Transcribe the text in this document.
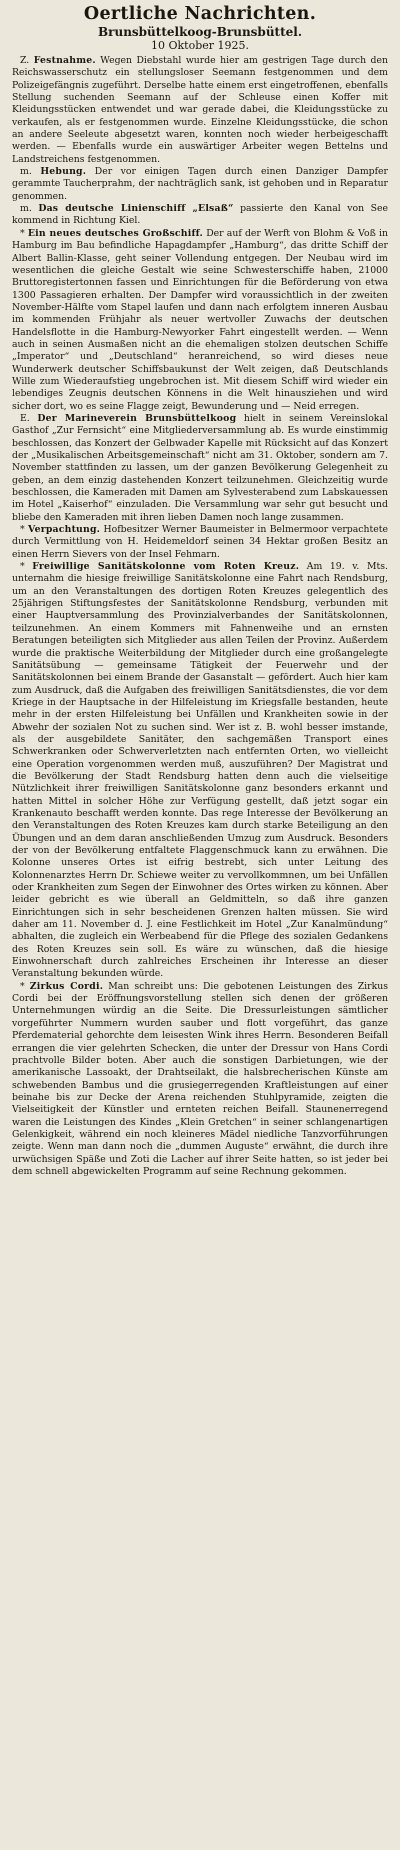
Oertliche Nachrichten.
Brunsbüttelkoog-Brunsbüttel.
10 Oktober 1925.

Z. Festnahme. Wegen Diebstahl wurde hier am gestrigen Tage durch den Reichswasserschutz ein stellungsloser Seemann festgenommen und dem Polizeigefängnis zugeführt. Derselbe hatte einem erst eingetroffenen, ebenfalls Stellung suchenden Seemann auf der Schleuse einen Koffer mit Kleidungsstücken entwendet und war gerade dabei, die Kleidungsstücke zu verkaufen, als er festgenommen wurde. Einzelne Kleidungsstücke, die schon an andere Seeleute abgesetzt waren, konnten noch wieder herbeigeschafft werden. — Ebenfalls wurde ein auswärtiger Arbeiter wegen Bettelns und Landstreichens festgenommen.

m. Hebung. Der vor einigen Tagen durch einen Danziger Dampfer gerammte Taucherprahm, der nachträglich sank, ist gehoben und in Reparatur genommen.

m. Das deutsche Linienschiff „Elsaß“ passierte den Kanal von See kommend in Richtung Kiel.

* Ein neues deutsches Großschiff. Der auf der Werft von Blohm & Voß in Hamburg im Bau befindliche Hapagdampfer „Hamburg“, das dritte Schiff der Albert Ballin-Klasse, geht seiner Vollendung entgegen. Der Neubau wird im wesentlichen die gleiche Gestalt wie seine Schwesterschiffe haben, 21000 Bruttoregistertonnen fassen und Einrichtungen für die Beförderung von etwa 1300 Passagieren erhalten. Der Dampfer wird voraussichtlich in der zweiten November-Hälfte vom Stapel laufen und dann nach erfolgtem inneren Ausbau im kommenden Frühjahr als neuer wertvoller Zuwachs der deutschen Handelsflotte in die Hamburg-Newyorker Fahrt eingestellt werden. — Wenn auch in seinen Ausmaßen nicht an die ehemaligen stolzen deutschen Schiffe „Imperator“ und „Deutschland“ heranreichend, so wird dieses neue Wunderwerk deutscher Schiffsbaukunst der Welt zeigen, daß Deutschlands Wille zum Wiederaufstieg ungebrochen ist. Mit diesem Schiff wird wieder ein lebendiges Zeugnis deutschen Könnens in die Welt hinausziehen und wird sicher dort, wo es seine Flagge zeigt, Bewunderung und — Neid erregen.

E. Der Marineverein Brunsbüttelkoog hielt in seinem Vereinslokal Gasthof „Zur Fernsicht“ eine Mitgliederversammlung ab. Es wurde einstimmig beschlossen, das Konzert der Gelbwader Kapelle mit Rücksicht auf das Konzert der „Musikalischen Arbeitsgemeinschaft“ nicht am 31. Oktober, sondern am 7. November stattfinden zu lassen, um der ganzen Bevölkerung Gelegenheit zu geben, an dem einzig dastehenden Konzert teilzunehmen. Gleichzeitig wurde beschlossen, die Kameraden mit Damen am Sylvesterabend zum Labskauessen im Hotel „Kaiserhof“ einzuladen. Die Versammlung war sehr gut besucht und bliebe den Kameraden mit ihren lieben Damen noch lange zusammen.

* Verpachtung. Hofbesitzer Werner Baumeister in Belmermoor verpachtete durch Vermittlung von H. Heidemeldorf seinen 34 Hektar großen Besitz an einen Herrn Sievers von der Insel Fehmarn.

* Freiwillige Sanitätskolonne vom Roten Kreuz. Am 19. v. Mts. unternahm die hiesige freiwillige Sanitätskolonne eine Fahrt nach Rendsburg, um an den Veranstaltungen des dortigen Roten Kreuzes gelegentlich des 25jährigen Stiftungsfestes der Sanitätskolonne Rendsburg, verbunden mit einer Hauptversammlung des Provinzialverbandes der Sanitätskolonnen, teilzunehmen. An einem Kommers mit Fahnenweihe und an ernsten Beratungen beteiligten sich Mitglieder aus allen Teilen der Provinz. Außerdem wurde die praktische Weiterbildung der Mitglieder durch eine großangelegte Sanitätsübung — gemeinsame Tätigkeit der Feuerwehr und der Sanitätskolonnen bei einem Brande der Gasanstalt — gefördert. Auch hier kam zum Ausdruck, daß die Aufgaben des freiwilligen Sanitätsdienstes, die vor dem Kriege in der Hauptsache in der Hilfeleistung im Kriegsfalle bestanden, heute mehr in der ersten Hilfeleistung bei Unfällen und Krankheiten sowie in der Abwehr der sozialen Not zu suchen sind. Wer ist z. B. wohl besser imstande, als der ausgebildete Sanitäter, den sachgemäßen Transport eines Schwerkranken oder Schwerverletzten nach entfernten Orten, wo vielleicht eine Operation vorgenommen werden muß, auszuführen? Der Magistrat und die Bevölkerung der Stadt Rendsburg hatten denn auch die vielseitige Nützlichkeit ihrer freiwilligen Sanitätskolonne ganz besonders erkannt und hatten Mittel in solcher Höhe zur Verfügung gestellt, daß jetzt sogar ein Krankenauto beschafft werden konnte. Das rege Interesse der Bevölkerung an den Veranstaltungen des Roten Kreuzes kam durch starke Beteiligung an den Übungen und an dem daran anschließenden Umzug zum Ausdruck. Besonders der von der Bevölkerung entfaltete Flaggenschmuck kann zu erwähnen. Die Kolonne unseres Ortes ist eifrig bestrebt, sich unter Leitung des Kolonnenarztes Herrn Dr. Schiewe weiter zu vervollkommnen, um bei Unfällen oder Krankheiten zum Segen der Einwohner des Ortes wirken zu können. Aber leider gebricht es wie überall an Geldmitteln, so daß ihre ganzen Einrichtungen sich in sehr bescheidenen Grenzen halten müssen. Sie wird daher am 11. November d. J. eine Festlichkeit im Hotel „Zur Kanalmündung“ abhalten, die zugleich ein Werbeabend für die Pflege des sozialen Gedankens des Roten Kreuzes sein soll. Es wäre zu wünschen, daß die hiesige Einwohnerschaft durch zahlreiches Erscheinen ihr Interesse an dieser Veranstaltung bekunden würde.

* Zirkus Cordi. Man schreibt uns: Die gebotenen Leistungen des Zirkus Cordi bei der Eröffnungsvorstellung stellen sich denen der größeren Unternehmungen würdig an die Seite. Die Dressurleistungen sämtlicher vorgeführter Nummern wurden sauber und flott vorgeführt, das ganze Pferdematerial gehorchte dem leisesten Wink ihres Herrn. Besonderen Beifall errangen die vier gelehrten Schecken, die unter der Dressur von Hans Cordi prachtvolle Bilder boten. Aber auch die sonstigen Darbietungen, wie der amerikanische Lassoakt, der Drahtseilakt, die halsbrecherischen Künste am schwebenden Bambus und die grusiegerregenden Kraftleistungen auf einer beinahe bis zur Decke der Arena reichenden Stuhlpyramide, zeigten die Vielseitigkeit der Künstler und ernteten reichen Beifall. Staunenerregend waren die Leistungen des Kindes „Klein Gretchen“ in seiner schlangenartigen Gelenkigkeit, während ein noch kleineres Mädel niedliche Tanzvorführungen zeigte. Wenn man dann noch die „dummen Auguste“ erwähnt, die durch ihre urwüchsigen Späße und Zoti die Lacher auf ihrer Seite hatten, so ist jeder bei dem schnell abgewickelten Programm auf seine Rechnung gekommen.
